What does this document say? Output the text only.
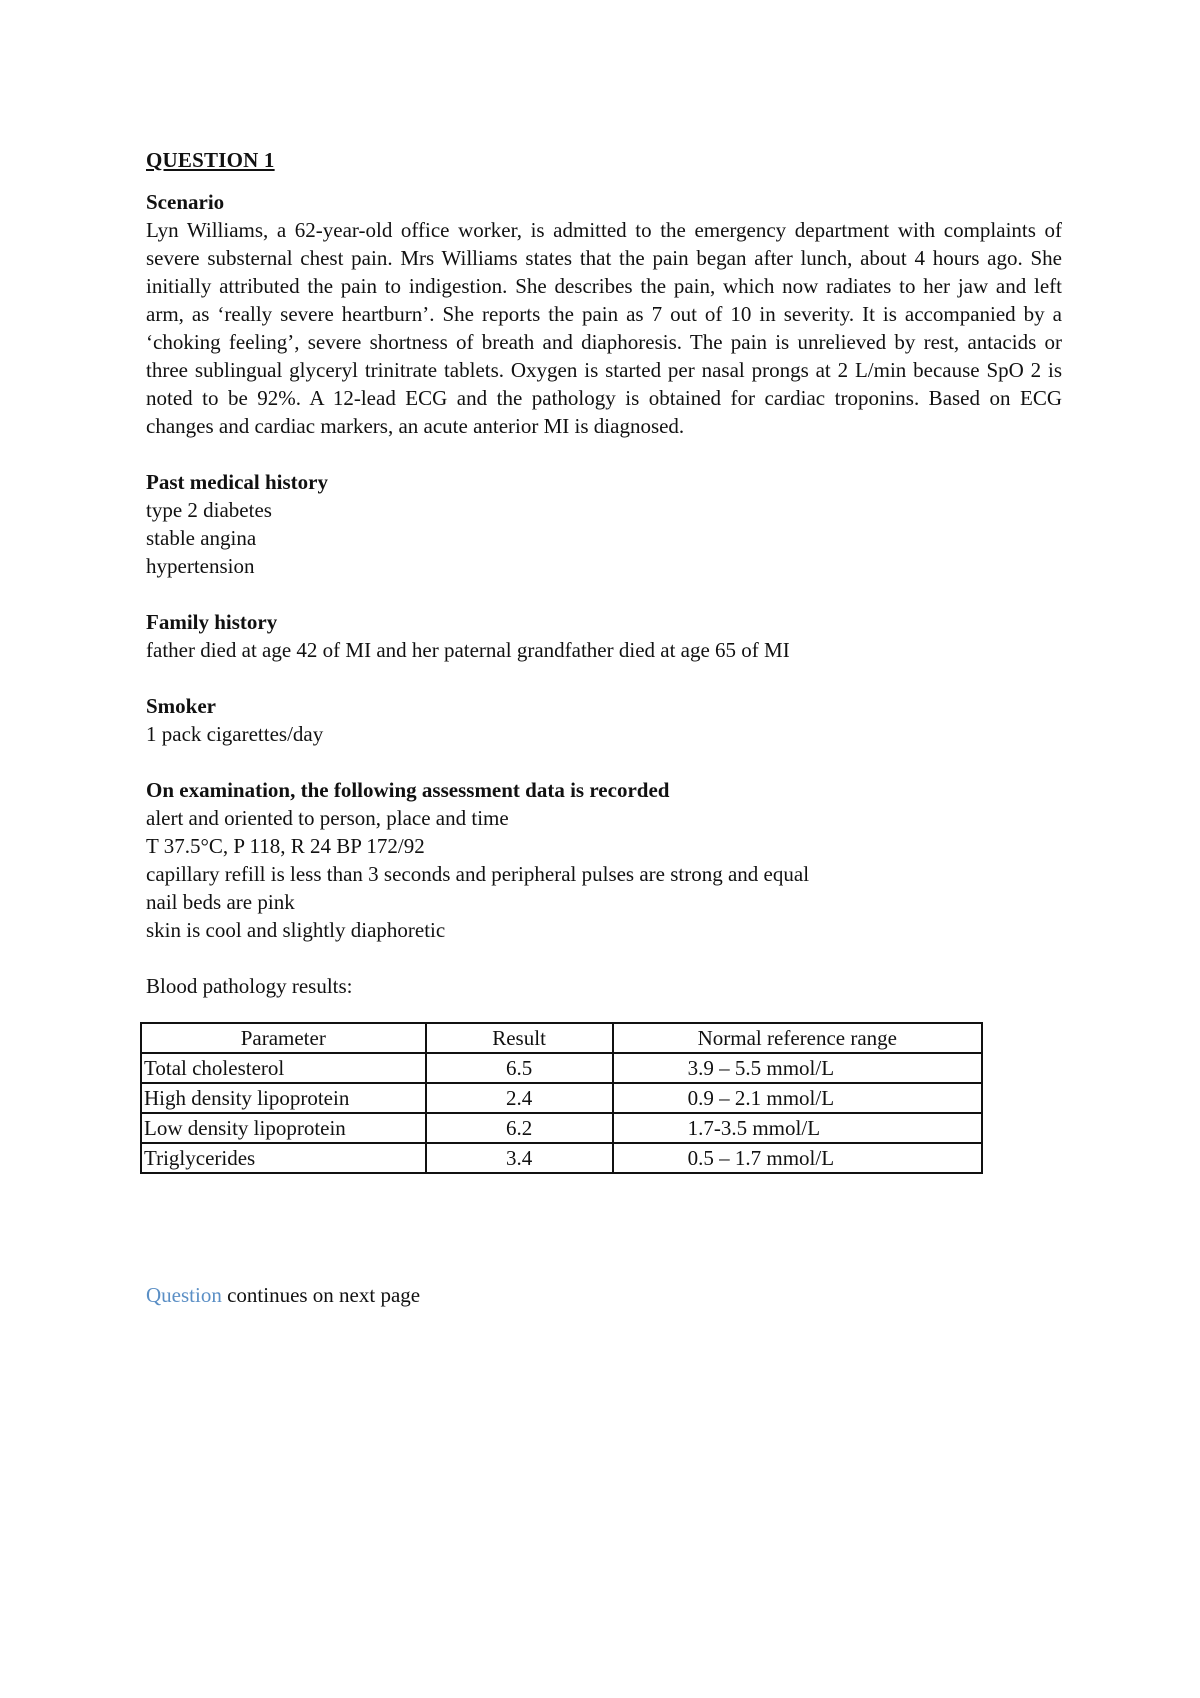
QUESTION 1

Scenario

Lyn Williams, a 62-year-old office worker, is admitted to the emergency department with complaints of severe substernal chest pain. Mrs Williams states that the pain began after lunch, about 4 hours ago. She initially attributed the pain to indigestion. She describes the pain, which now radiates to her jaw and left arm, as ‘really severe heartburn’. She reports the pain as 7 out of 10 in severity. It is accompanied by a ‘choking feeling’, severe shortness of breath and diaphoresis. The pain is unrelieved by rest, antacids or three sublingual glyceryl trinitrate tablets. Oxygen is started per nasal prongs at 2 L/min because SpO 2 is noted to be 92%. A 12-lead ECG and the pathology is obtained for cardiac troponins. Based on ECG changes and cardiac markers, an acute anterior MI is diagnosed.

Past medical history

type 2 diabetes

stable angina

hypertension

Family history

father died at age 42 of MI and her paternal grandfather died at age 65 of MI

Smoker

1 pack cigarettes/day

On examination, the following assessment data is recorded

alert and oriented to person, place and time

T 37.5°C, P 118, R 24 BP 172/92

capillary refill is less than 3 seconds and peripheral pulses are strong and equal

nail beds are pink

skin is cool and slightly diaphoretic

Blood pathology results:

Parameter	Result	Normal reference range
Total cholesterol	6.5	3.9 – 5.5 mmol/L
High density lipoprotein	2.4	0.9 – 2.1 mmol/L
Low density lipoprotein	6.2	1.7-3.5 mmol/L
Triglycerides	3.4	0.5 – 1.7 mmol/L

Question continues on next page
